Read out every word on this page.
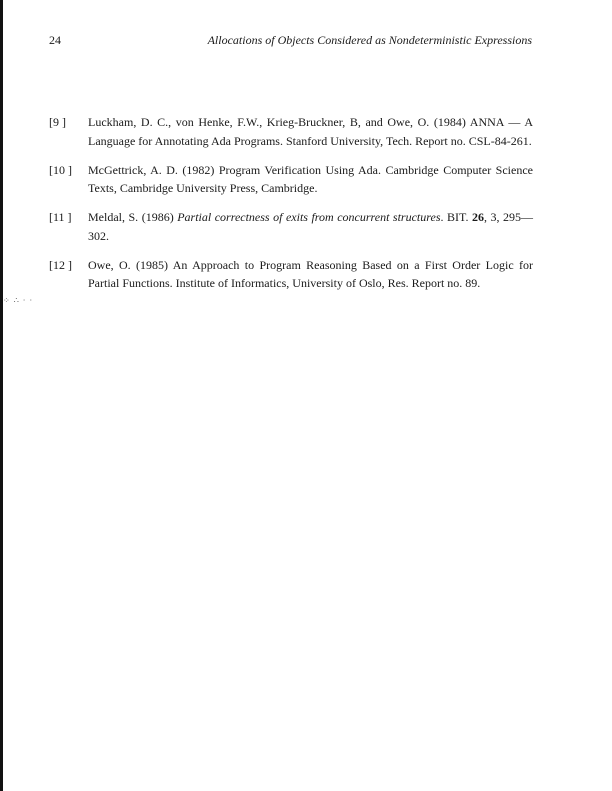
24	Allocations of Objects Considered as Nondeterministic Expressions
[9 ] Luckham, D. C., von Henke, F.W., Krieg-Bruckner, B, and Owe, O. (1984) ANNA — A Language for Annotating Ada Programs. Stanford University, Tech. Report no. CSL-84-261.
[10 ] McGettrick, A. D. (1982) Program Verification Using Ada. Cambridge Computer Science Texts, Cambridge University Press, Cambridge.
[11 ] Meldal, S. (1986) Partial correctness of exits from concurrent structures. BIT. 26, 3, 295—302.
[12 ] Owe, O. (1985) An Approach to Program Reasoning Based on a First Order Logic for Partial Functions. Institute of Informatics, University of Oslo, Res. Report no. 89.
⁘ ∴ · ·
